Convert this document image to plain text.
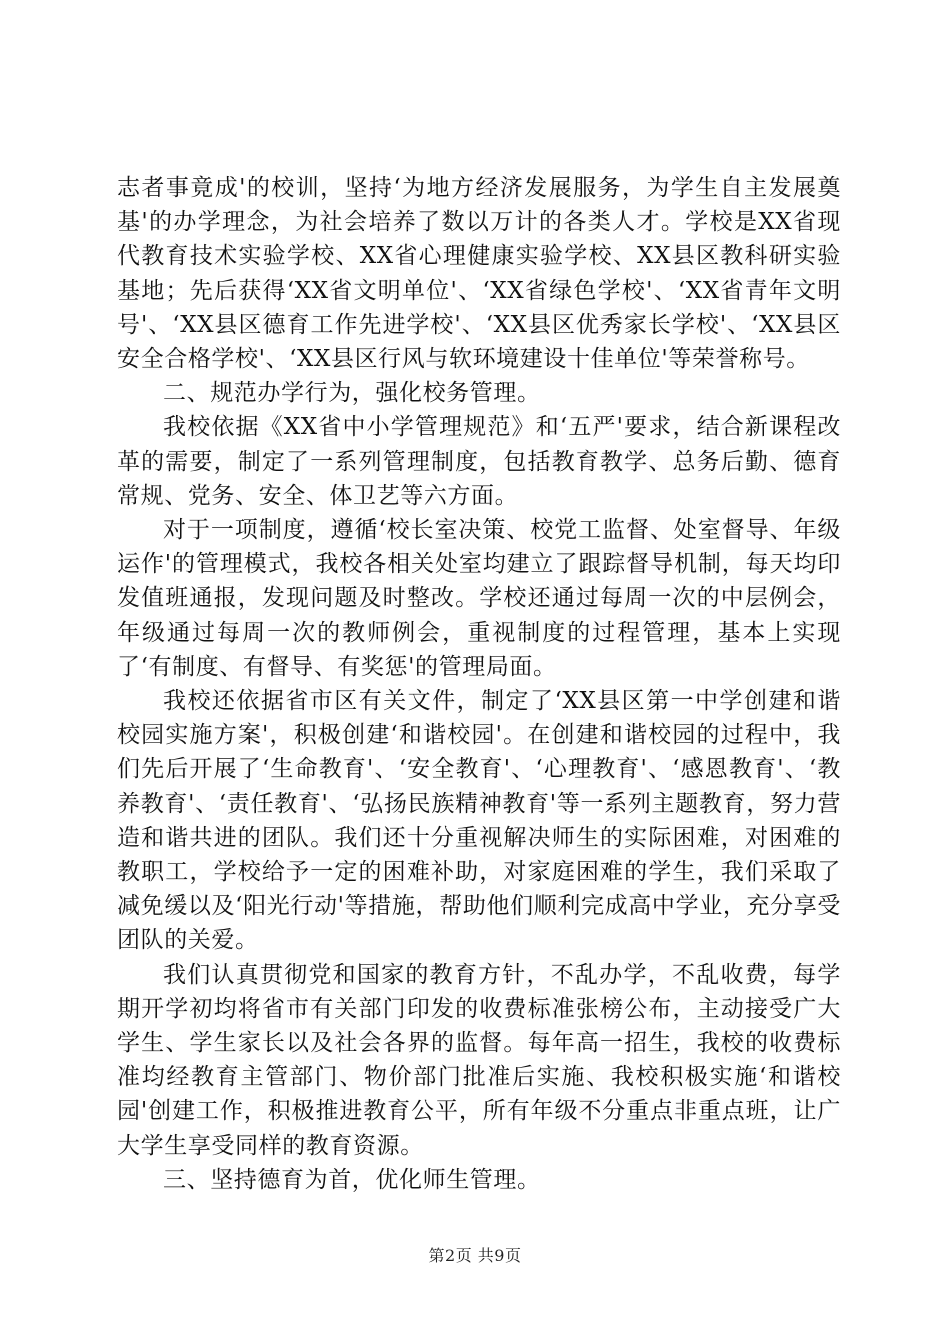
志者事竟成'的校训，坚持‘为地方经济发展服务，为学生自主发展奠基'的办学理念，为社会培养了数以万计的各类人才。学校是XX省现代教育技术实验学校、XX省心理健康实验学校、XX县区教科研实验基地；先后获得‘XX省文明单位'、‘XX省绿色学校'、‘XX省青年文明号'、‘XX县区德育工作先进学校'、‘XX县区优秀家长学校'、‘XX县区安全合格学校'、‘XX县区行风与软环境建设十佳单位'等荣誉称号。

二、规范办学行为，强化校务管理。

我校依据《XX省中小学管理规范》和‘五严'要求，结合新课程改革的需要，制定了一系列管理制度，包括教育教学、总务后勤、德育常规、党务、安全、体卫艺等六方面。

对于一项制度，遵循‘校长室决策、校党工监督、处室督导、年级运作'的管理模式，我校各相关处室均建立了跟踪督导机制，每天均印发值班通报，发现问题及时整改。学校还通过每周一次的中层例会，年级通过每周一次的教师例会，重视制度的过程管理，基本上实现了‘有制度、有督导、有奖惩'的管理局面。

我校还依据省市区有关文件，制定了‘XX县区第一中学创建和谐校园实施方案'，积极创建‘和谐校园'。在创建和谐校园的过程中，我们先后开展了‘生命教育'、‘安全教育'、‘心理教育'、‘感恩教育'、‘教养教育'、‘责任教育'、‘弘扬民族精神教育'等一系列主题教育，努力营造和谐共进的团队。我们还十分重视解决师生的实际困难，对困难的教职工，学校给予一定的困难补助，对家庭困难的学生，我们采取了减免缓以及‘阳光行动'等措施，帮助他们顺利完成高中学业，充分享受团队的关爱。

我们认真贯彻党和国家的教育方针，不乱办学，不乱收费，每学期开学初均将省市有关部门印发的收费标准张榜公布，主动接受广大学生、学生家长以及社会各界的监督。每年高一招生，我校的收费标准均经教育主管部门、物价部门批准后实施、我校积极实施‘和谐校园'创建工作，积极推进教育公平，所有年级不分重点非重点班，让广大学生享受同样的教育资源。

三、坚持德育为首，优化师生管理。

第2页 共9页
